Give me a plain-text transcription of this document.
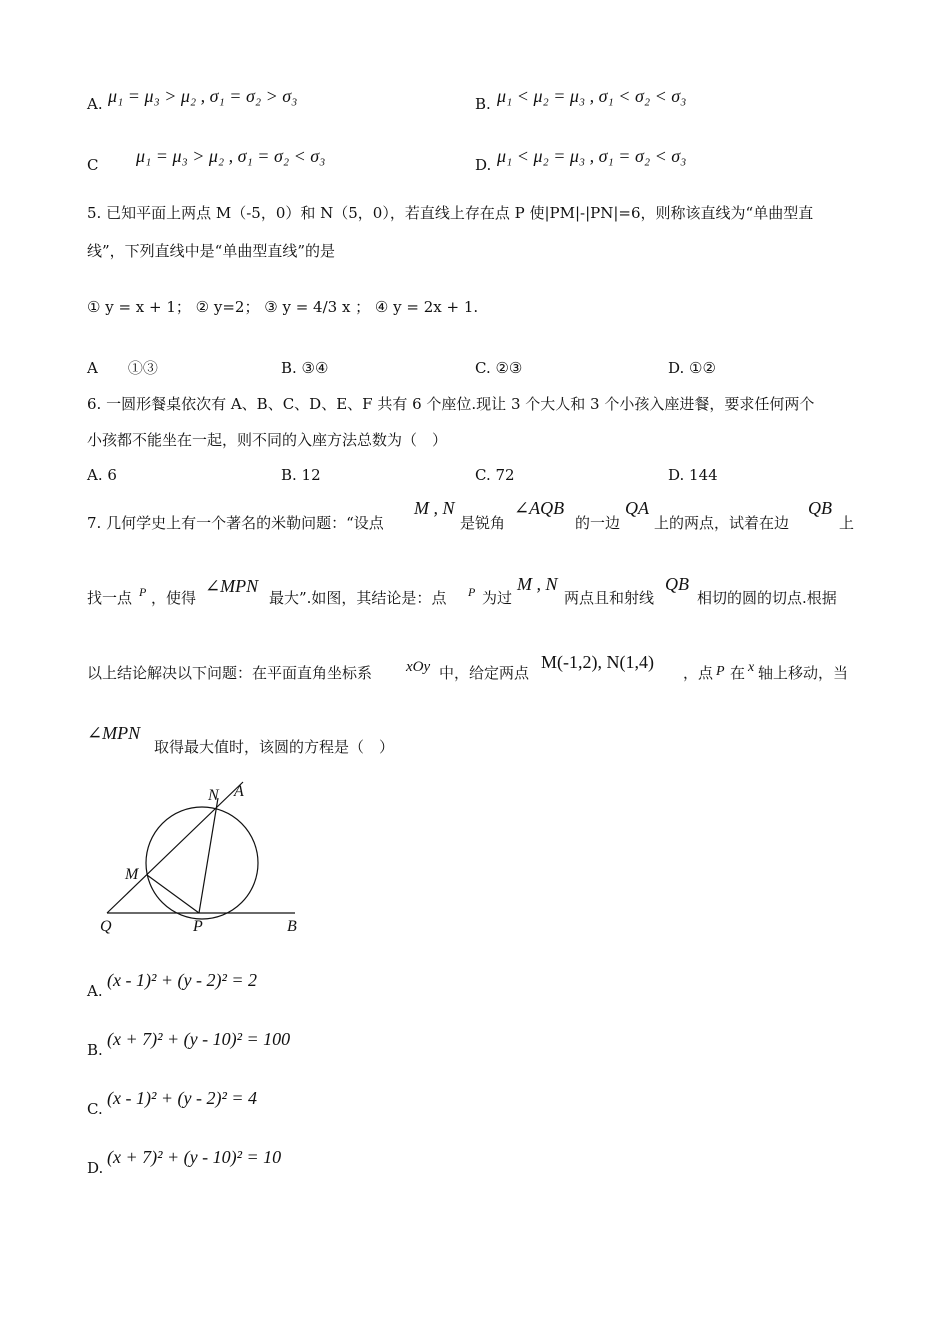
A. μ₁ = μ₃ > μ₂ , σ₁ = σ₂ > σ₃	B. μ₁ < μ₂ = μ₃ , σ₁ < σ₂ < σ₃
C μ₁ = μ₃ > μ₂ , σ₁ = σ₂ < σ₃	D. μ₁ < μ₂ = μ₃ , σ₁ = σ₂ < σ₃
5. 已知平面上两点 M（-5，0）和 N（5，0），若直线上存在点 P 使|PM|-|PN|=6，则称该直线为“单曲型直
线”，下列直线中是“单曲型直线”的是
① y = x + 1； ② y=2； ③ y = 4/3 x ； ④ y = 2x + 1.
A　　①③	B. ③④	C. ②③	D. ①②
6. 一圆形餐桌依次有 A、B、C、D、E、F 共有 6 个座位.现让 3 个大人和 3 个小孩入座进餐，要求任何两个
小孩都不能坐在一起，则不同的入座方法总数为（　）
A. 6	B. 12	C. 72	D. 144
7. 几何学史上有一个著名的米勒问题：“设点
M , N
是锐角
∠AQB
的一边
QA
上的两点，试着在边
QB
上
找一点 P ，使得
∠MPN
最大”.如图，其结论是：点 P 为过
M , N
两点且和射线
QB
相切的圆的切点.根据
以上结论解决以下问题：在平面直角坐标系 xOy 中，给定两点
M(-1,2), N(1,4)
，点 P 在 x 轴上移动，当
∠MPN
取得最大值时，该圆的方程是（　）
N A
M
Q	P	B
A.
(x - 1)² + (y - 2)² = 2
B.
(x + 7)² + (y - 10)² = 100
C.
(x - 1)² + (y - 2)² = 4
D.
(x + 7)² + (y - 10)² = 10
